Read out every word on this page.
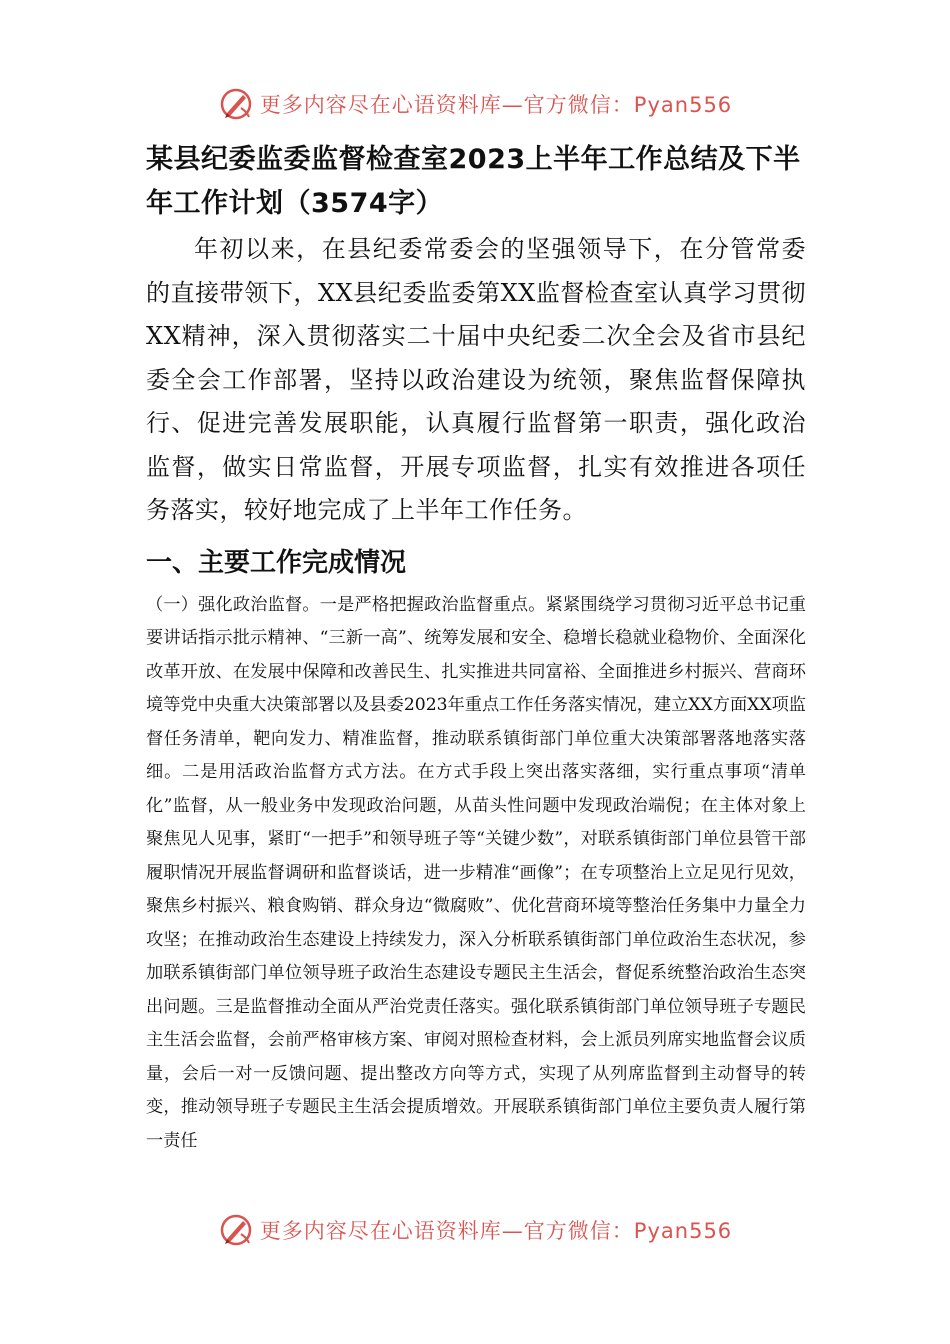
更多内容尽在心语资料库—官方微信：Pyan556
某县纪委监委监督检查室2023上半年工作总结及下半年工作计划（3574字）

年初以来，在县纪委常委会的坚强领导下，在分管常委的直接带领下，XX县纪委监委第XX监督检查室认真学习贯彻XX精神，深入贯彻落实二十届中央纪委二次全会及省市县纪委全会工作部署，坚持以政治建设为统领，聚焦监督保障执行、促进完善发展职能，认真履行监督第一职责，强化政治监督，做实日常监督，开展专项监督，扎实有效推进各项任务落实，较好地完成了上半年工作任务。

一、主要工作完成情况

（一）强化政治监督。一是严格把握政治监督重点。紧紧围绕学习贯彻习近平总书记重要讲话指示批示精神、“三新一高”、统筹发展和安全、稳增长稳就业稳物价、全面深化改革开放、在发展中保障和改善民生、扎实推进共同富裕、全面推进乡村振兴、营商环境等党中央重大决策部署以及县委2023年重点工作任务落实情况，建立XX方面XX项监督任务清单，靶向发力、精准监督，推动联系镇街部门单位重大决策部署落地落实落细。二是用活政治监督方式方法。在方式手段上突出落实落细，实行重点事项“清单化”监督，从一般业务中发现政治问题，从苗头性问题中发现政治端倪；在主体对象上聚焦见人见事，紧盯“一把手”和领导班子等“关键少数”，对联系镇街部门单位县管干部履职情况开展监督调研和监督谈话，进一步精准“画像”；在专项整治上立足见行见效，聚焦乡村振兴、粮食购销、群众身边“微腐败”、优化营商环境等整治任务集中力量全力攻坚；在推动政治生态建设上持续发力，深入分析联系镇街部门单位政治生态状况，参加联系镇街部门单位领导班子政治生态建设专题民主生活会，督促系统整治政治生态突出问题。三是监督推动全面从严治党责任落实。强化联系镇街部门单位领导班子专题民主生活会监督，会前严格审核方案、审阅对照检查材料，会上派员列席实地监督会议质量，会后一对一反馈问题、提出整改方向等方式，实现了从列席监督到主动督导的转变，推动领导班子专题民主生活会提质增效。开展联系镇街部门单位主要负责人履行第一责任

更多内容尽在心语资料库—官方微信：Pyan556
